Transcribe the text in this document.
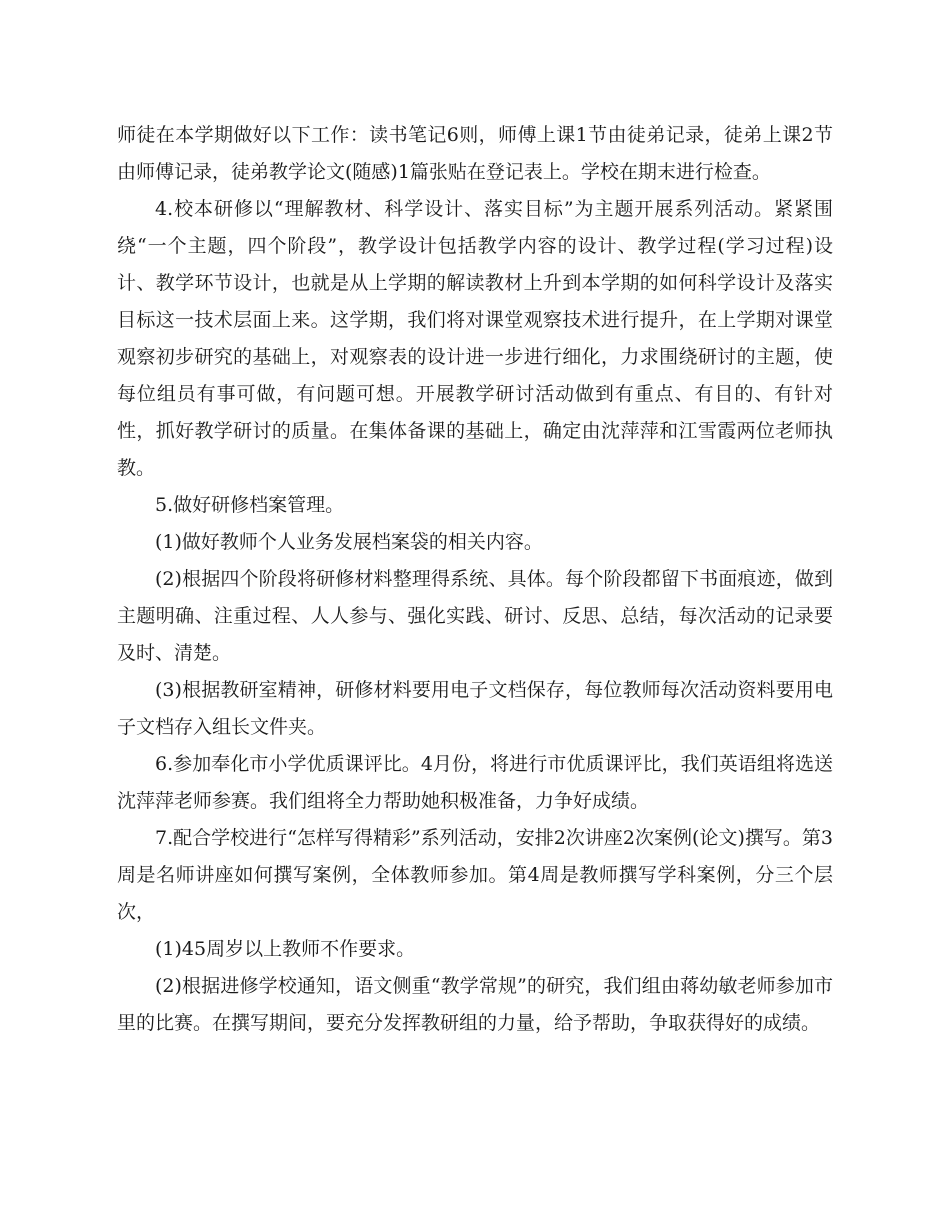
师徒在本学期做好以下工作：读书笔记6则，师傅上课1节由徒弟记录，徒弟上课2节由师傅记录，徒弟教学论文(随感)1篇张贴在登记表上。学校在期末进行检查。

4.校本研修以“理解教材、科学设计、落实目标”为主题开展系列活动。紧紧围绕“一个主题，四个阶段”，教学设计包括教学内容的设计、教学过程(学习过程)设计、教学环节设计，也就是从上学期的解读教材上升到本学期的如何科学设计及落实目标这一技术层面上来。这学期，我们将对课堂观察技术进行提升，在上学期对课堂观察初步研究的基础上，对观察表的设计进一步进行细化，力求围绕研讨的主题，使每位组员有事可做，有问题可想。开展教学研讨活动做到有重点、有目的、有针对性，抓好教学研讨的质量。在集体备课的基础上，确定由沈萍萍和江雪霞两位老师执教。

5.做好研修档案管理。

(1)做好教师个人业务发展档案袋的相关内容。

(2)根据四个阶段将研修材料整理得系统、具体。每个阶段都留下书面痕迹，做到主题明确、注重过程、人人参与、强化实践、研讨、反思、总结，每次活动的记录要及时、清楚。

(3)根据教研室精神，研修材料要用电子文档保存，每位教师每次活动资料要用电子文档存入组长文件夹。

6.参加奉化市小学优质课评比。4月份，将进行市优质课评比，我们英语组将选送沈萍萍老师参赛。我们组将全力帮助她积极准备，力争好成绩。

7.配合学校进行“怎样写得精彩”系列活动，安排2次讲座2次案例(论文)撰写。第3周是名师讲座如何撰写案例，全体教师参加。第4周是教师撰写学科案例，分三个层次，

(1)45周岁以上教师不作要求。

(2)根据进修学校通知，语文侧重“教学常规”的研究，我们组由蒋幼敏老师参加市里的比赛。在撰写期间，要充分发挥教研组的力量，给予帮助，争取获得好的成绩。
